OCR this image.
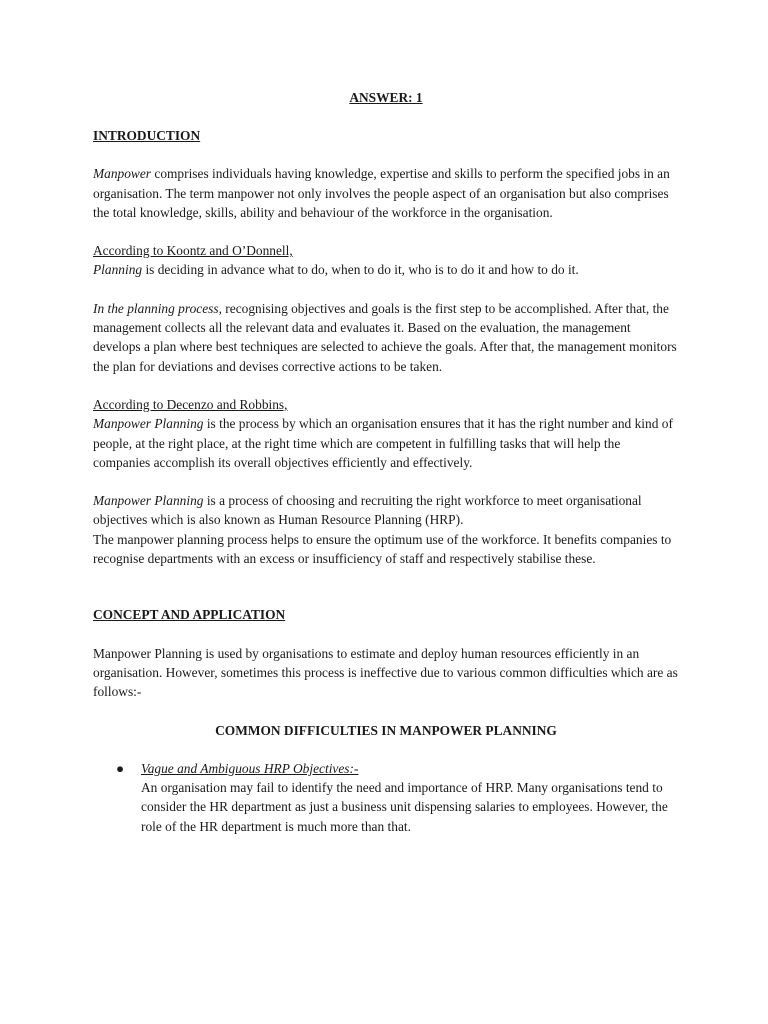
ANSWER: 1

INTRODUCTION

Manpower comprises individuals having knowledge, expertise and skills to perform the specified jobs in an organisation. The term manpower not only involves the people aspect of an organisation but also comprises the total knowledge, skills, ability and behaviour of the workforce in the organisation.

According to Koontz and O’Donnell,

Planning is deciding in advance what to do, when to do it, who is to do it and how to do it.

In the planning process, recognising objectives and goals is the first step to be accomplished. After that, the management collects all the relevant data and evaluates it. Based on the evaluation, the management develops a plan where best techniques are selected to achieve the goals. After that, the management monitors the plan for deviations and devises corrective actions to be taken.

According to Decenzo and Robbins,

Manpower Planning is the process by which an organisation ensures that it has the right number and kind of people, at the right place, at the right time which are competent in fulfilling tasks that will help the companies accomplish its overall objectives efficiently and effectively.

Manpower Planning is a process of choosing and recruiting the right workforce to meet organisational objectives which is also known as Human Resource Planning (HRP).

The manpower planning process helps to ensure the optimum use of the workforce. It benefits companies to recognise departments with an excess or insufficiency of staff and respectively stabilise these.

CONCEPT AND APPLICATION

Manpower Planning is used by organisations to estimate and deploy human resources efficiently in an organisation. However, sometimes this process is ineffective due to various common difficulties which are as follows:-

COMMON DIFFICULTIES IN MANPOWER PLANNING

● Vague and Ambiguous HRP Objectives:-

An organisation may fail to identify the need and importance of HRP. Many organisations tend to consider the HR department as just a business unit dispensing salaries to employees. However, the role of the HR department is much more than that.
